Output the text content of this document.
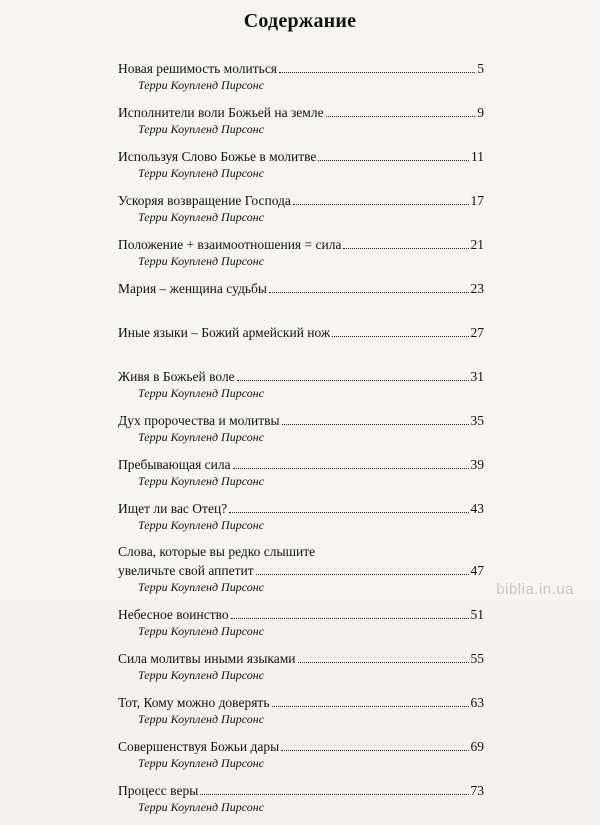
Содержание
Новая решимость молиться	5
Терри Коупленд Пирсонс
Исполнители воли Божьей на земле	9
Терри Коупленд Пирсонс
Используя Слово Божье в молитве	11
Терри Коупленд Пирсонс
Ускоряя возвращение Господа	17
Терри Коупленд Пирсонс
Положение + взаимоотношения = сила	21
Терри Коупленд Пирсонс
Мария – женщина судьбы	23
Иные языки – Божий армейский нож	27
Живя в Божьей воле	31
Терри Коупленд Пирсонс
Дух пророчества и молитвы	35
Терри Коупленд Пирсонс
Пребывающая сила	39
Терри Коупленд Пирсонс
Ищет ли вас Отец?	43
Терри Коупленд Пирсонс
Слова, которые вы редко слышите
увеличьте свой аппетит	47
Терри Коупленд Пирсонс
Небесное воинство	51
Терри Коупленд Пирсонс
Сила молитвы иными языками	55
Терри Коупленд Пирсонс
Тот, Кому можно доверять	63
Терри Коупленд Пирсонс
Совершенствуя Божьи дары	69
Терри Коупленд Пирсонс
Процесс веры	73
Терри Коупленд Пирсонс
biblia.in.ua
